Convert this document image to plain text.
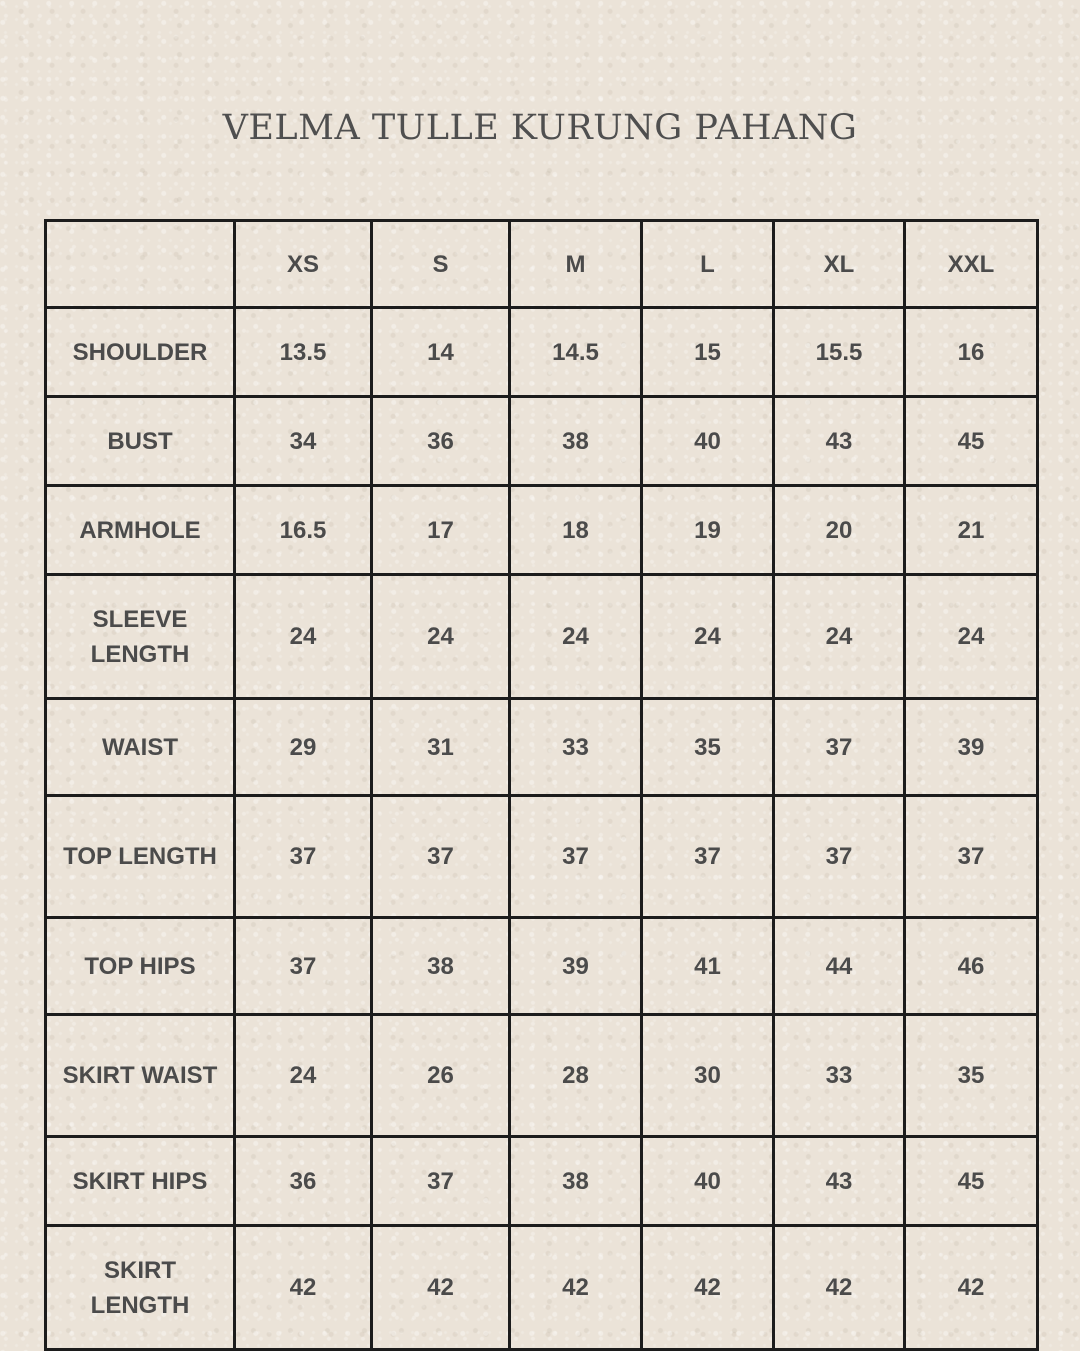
VELMA TULLE KURUNG PAHANG
	XS	S	M	L	XL	XXL
SHOULDER	13.5	14	14.5	15	15.5	16
BUST	34	36	38	40	43	45
ARMHOLE	16.5	17	18	19	20	21
SLEEVE LENGTH	24	24	24	24	24	24
WAIST	29	31	33	35	37	39
TOP LENGTH	37	37	37	37	37	37
TOP HIPS	37	38	39	41	44	46
SKIRT WAIST	24	26	28	30	33	35
SKIRT HIPS	36	37	38	40	43	45
SKIRT LENGTH	42	42	42	42	42	42
